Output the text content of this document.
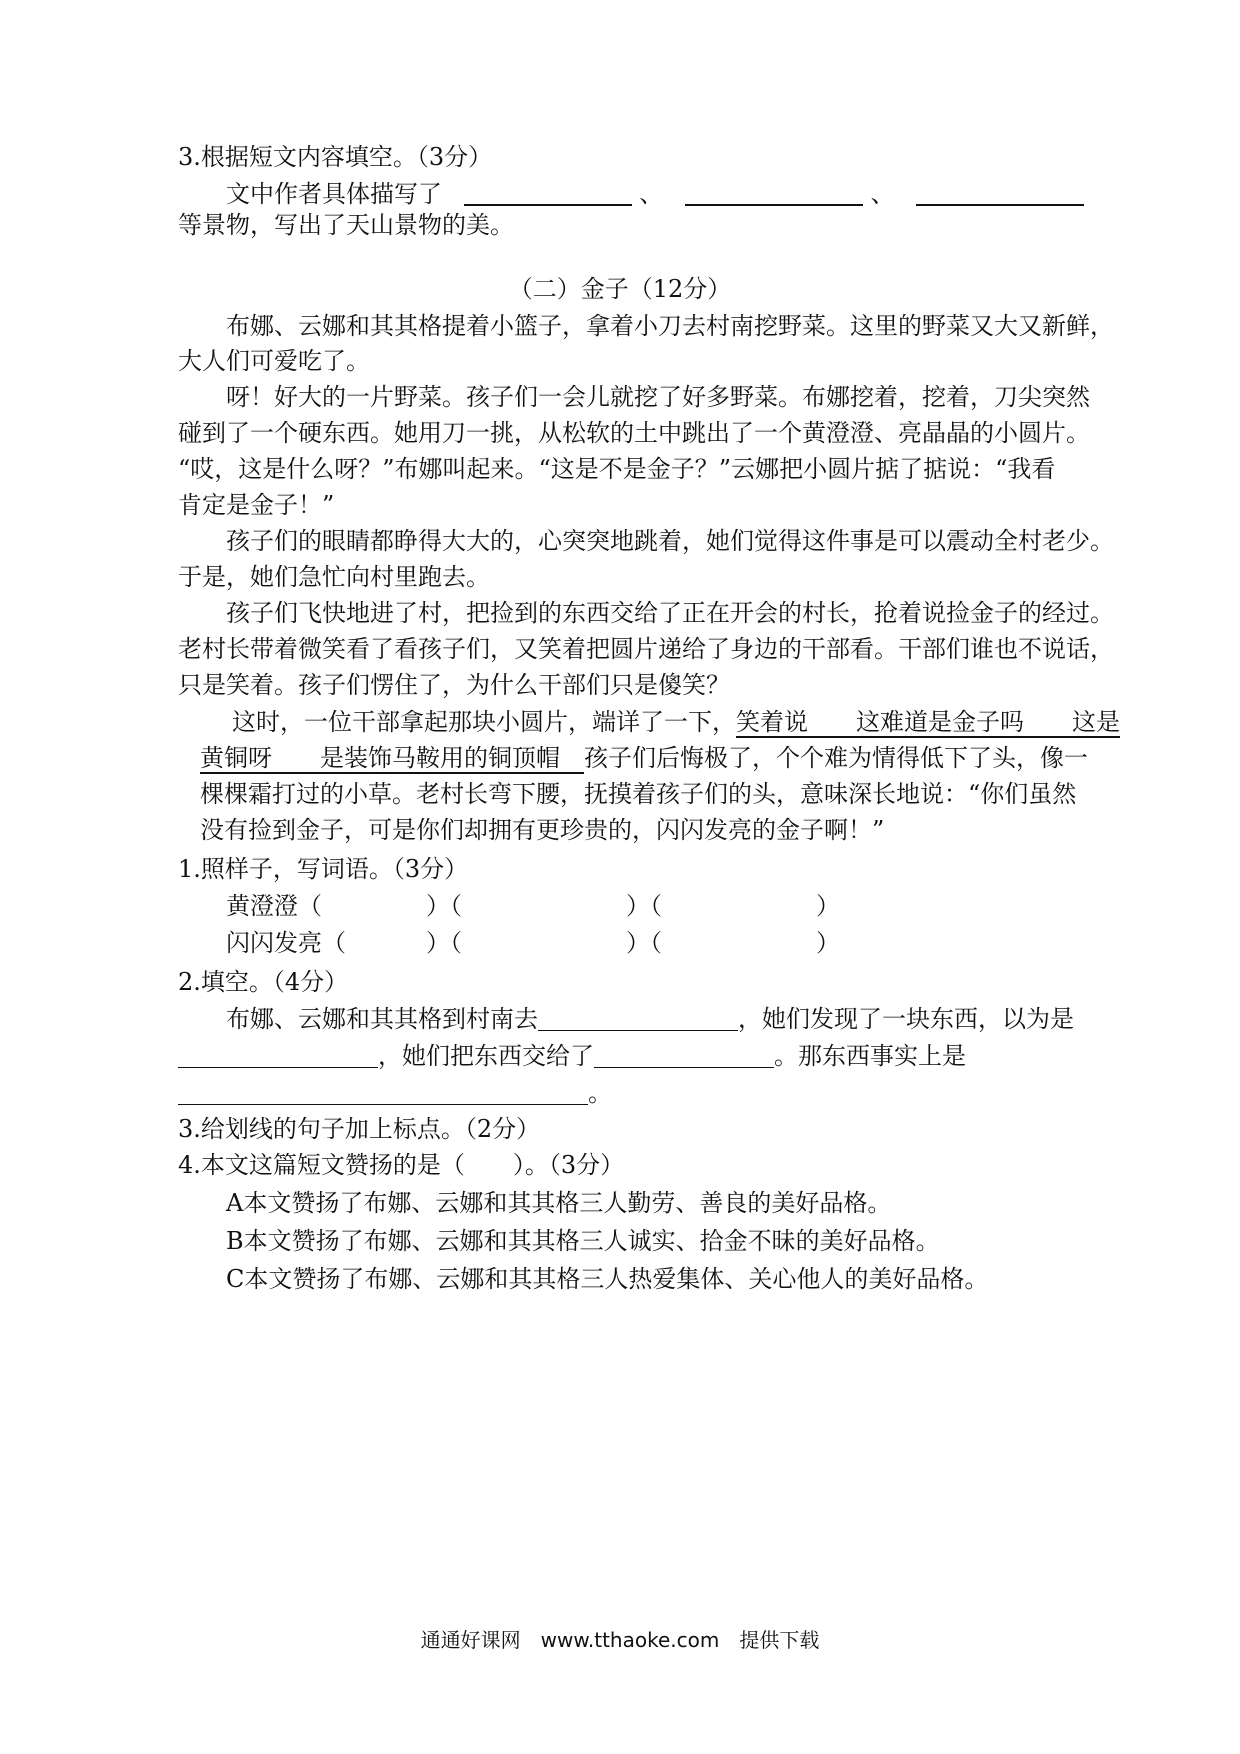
3.根据短文内容填空。（3分）
文中作者具体描写了	、	、
等景物，写出了天山景物的美。
（二）金子（12分）
布娜、云娜和其其格提着小篮子，拿着小刀去村南挖野菜。这里的野菜又大又新鲜，
大人们可爱吃了。
呀！好大的一片野菜。孩子们一会儿就挖了好多野菜。布娜挖着，挖着，刀尖突然
碰到了一个硬东西。她用刀一挑，从松软的土中跳出了一个黄澄澄、亮晶晶的小圆片。
“哎，这是什么呀？”布娜叫起来。“这是不是金子？”云娜把小圆片掂了掂说：“我看
肯定是金子！”
孩子们的眼睛都睁得大大的，心突突地跳着，她们觉得这件事是可以震动全村老少。
于是，她们急忙向村里跑去。
孩子们飞快地进了村，把捡到的东西交给了正在开会的村长，抢着说捡金子的经过。
老村长带着微笑看了看孩子们，又笑着把圆片递给了身边的干部看。干部们谁也不说话，
只是笑着。孩子们愣住了，为什么干部们只是傻笑？
这时，一位干部拿起那块小圆片，端详了一下，笑着说　　这难道是金子吗　　这是
黄铜呀　　是装饰马鞍用的铜顶帽　孩子们后悔极了，个个难为情得低下了头，像一
棵棵霜打过的小草。老村长弯下腰，抚摸着孩子们的头，意味深长地说：“你们虽然
没有捡到金子，可是你们却拥有更珍贵的，闪闪发亮的金子啊！”
1.照样子，写词语。（3分）
黄澄澄（	）（	）（	）
闪闪发亮（	）（	）（	）
2.填空。（4分）
布娜、云娜和其其格到村南去	，她们发现了一块东西，以为是
，她们把东西交给了	。那东西事实上是
。
3.给划线的句子加上标点。（2分）
4.本文这篇短文赞扬的是（　　）。（3分）
A本文赞扬了布娜、云娜和其其格三人勤劳、善良的美好品格。
B本文赞扬了布娜、云娜和其其格三人诚实、拾金不昧的美好品格。
C本文赞扬了布娜、云娜和其其格三人热爱集体、关心他人的美好品格。
通通好课网　www.tthaoke.com　提供下载
